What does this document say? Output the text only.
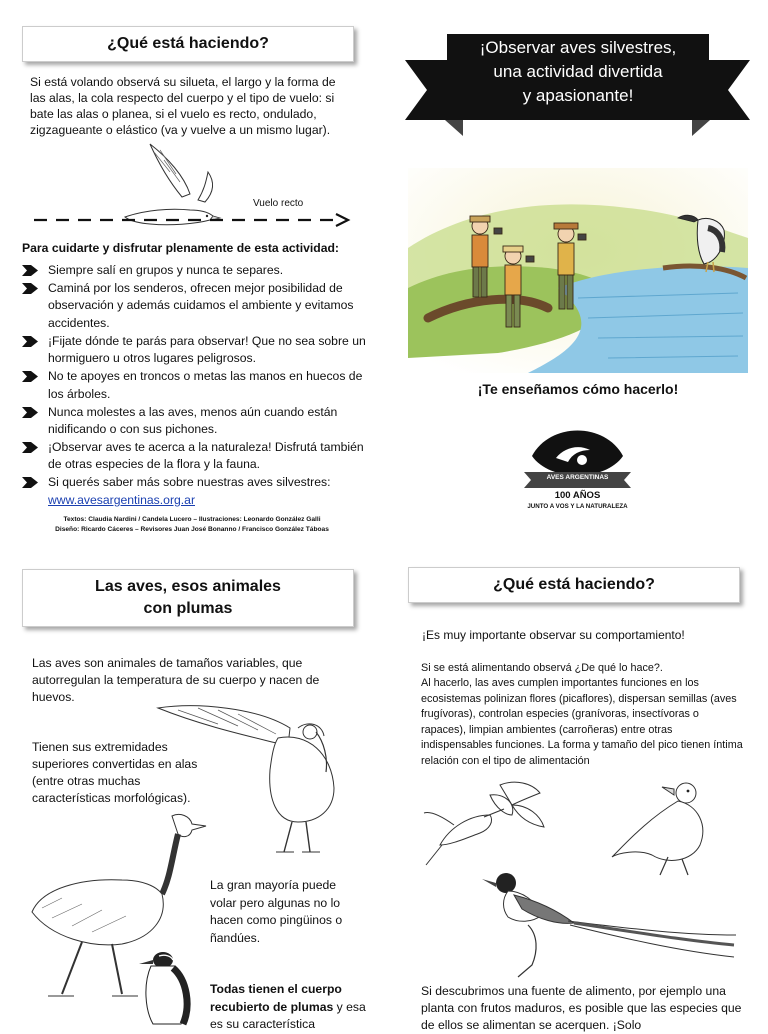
¿Qué está haciendo?
Si está volando observá su silueta, el largo y la forma de las alas, la cola respecto del cuerpo y el tipo de vuelo: si bate las alas o planea, si el vuelo es recto, ondulado, zigzagueante o elástico (va y vuelve a un mismo lugar).
Vuelo recto
Para cuidarte y disfrutar plenamente de esta actividad:
Siempre salí en grupos y nunca te separes.
Caminá por los senderos, ofrecen mejor posibilidad de observación y además cuidamos el ambiente y evitamos accidentes.
¡Fijate dónde te parás para observar! Que no sea sobre un hormiguero u otros lugares peligrosos.
No te apoyes en troncos o metas las manos en huecos de los árboles.
Nunca molestes a las aves, menos aún cuando están nidificando o con sus pichones.
¡Observar aves te acerca a la naturaleza! Disfrutá también de otras especies de la flora y la fauna.
Si querés saber más sobre nuestras aves silvestres:
www.avesargentinas.org.ar
Textos: Claudia Nardini / Candela Lucero – Ilustraciones: Leonardo González Galli
Diseño: Ricardo Cáceres – Revisores Juan José Bonanno / Francisco González Táboas
¡Observar aves silvestres,
una actividad divertida
y apasionante!
¡Te enseñamos cómo hacerlo!
AVES ARGENTINAS
100 AÑOS
JUNTO A VOS Y LA NATURALEZA
Las aves, esos animales
con plumas
Las aves son animales de tamaños variables, que autorregulan la temperatura de su cuerpo y nacen de huevos.
Tienen sus extremidades superiores convertidas en alas (entre otras muchas características morfológicas).
La gran mayoría puede volar pero algunas no lo hacen como pingüinos o ñandúes.
Todas tienen el cuerpo recubierto de plumas y esa es su característica
¿Qué está haciendo?
¡Es muy importante observar su comportamiento!
Si se está alimentando observá ¿De qué lo hace?.
Al hacerlo, las aves cumplen importantes funciones en los ecosistemas polinizan flores (picaflores), dispersan semillas (aves frugívoras), controlan especies (granívoras, insectívoras o rapaces), limpian ambientes (carroñeras) entre otras indispensables funciones. La forma y tamaño del pico tienen íntima relación con el tipo de alimentación
Si descubrimos una fuente de alimento, por ejemplo una planta con frutos maduros, es posible que las especies que de ellos se alimentan se acerquen. ¡Solo
